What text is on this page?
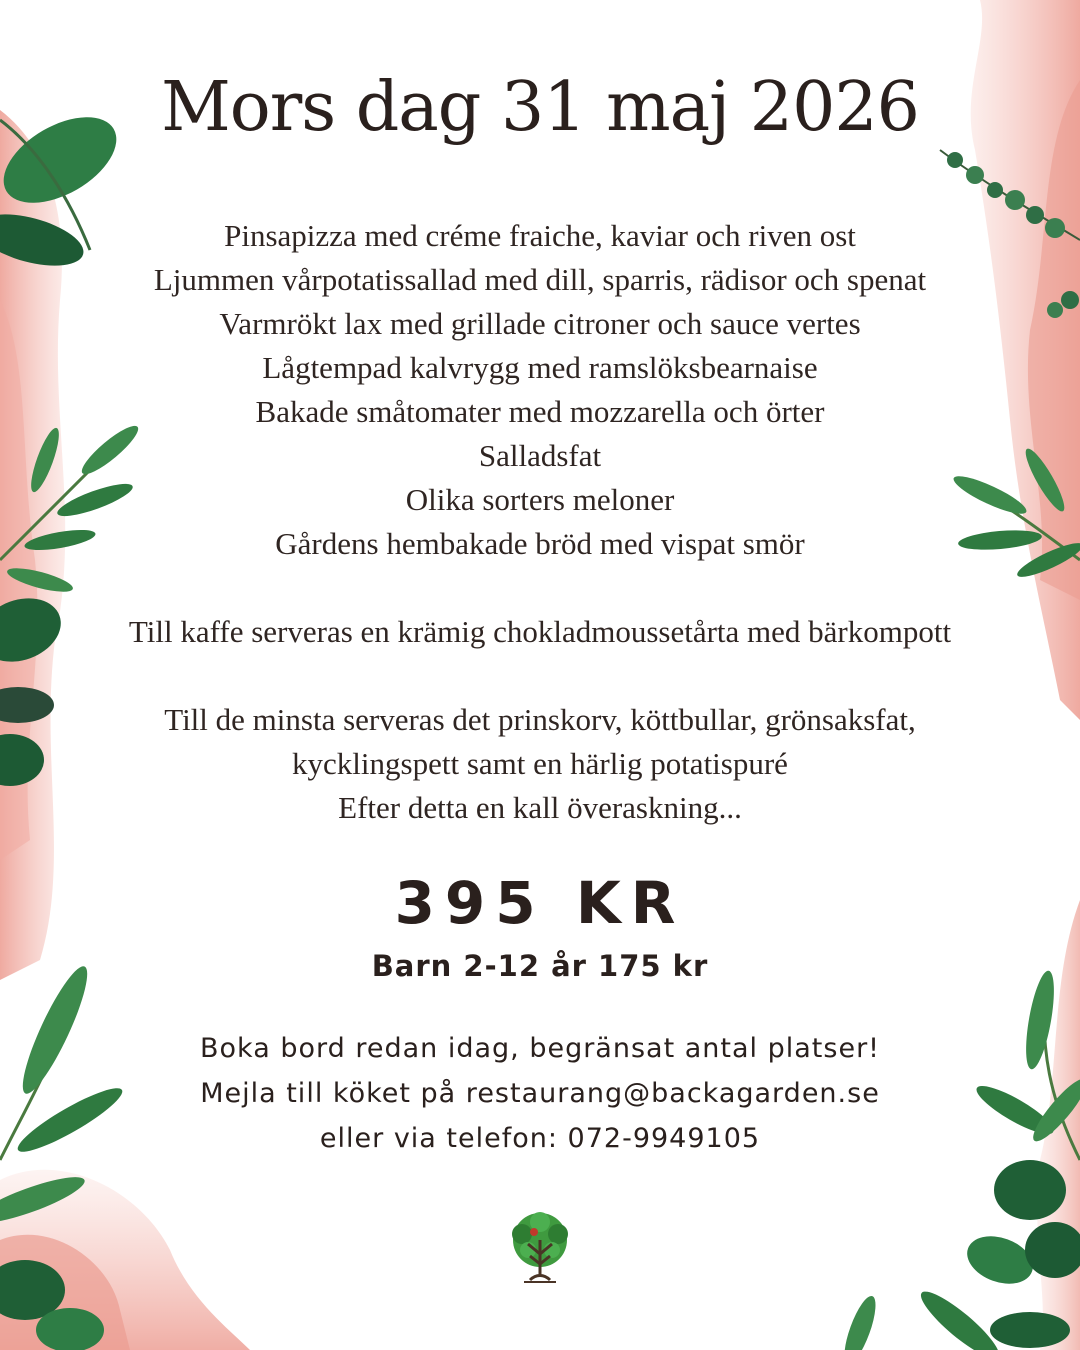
Mors dag 31 maj 2026
Pinsapizza med créme fraiche, kaviar och riven ost
Ljummen vårpotatissallad med dill, sparris, rädisor och spenat
Varmrökt lax med grillade citroner och sauce vertes
Lågtempad kalvrygg med ramslöksbearnaise
Bakade småtomater med mozzarella och örter
Salladsfat
Olika sorters meloner
Gårdens hembakade bröd med vispat smör
Till kaffe serveras en krämig chokladmoussetårta med bärkompott
Till de minsta serveras det prinskorv, köttbullar, grönsaksfat,
kycklingspett samt en härlig potatispuré
Efter detta en kall överaskning...
395 KR
Barn 2-12 år 175 kr
Boka bord redan idag, begränsat antal platser!
Mejla till köket på restaurang@backagarden.se
eller via telefon: 072-9949105
